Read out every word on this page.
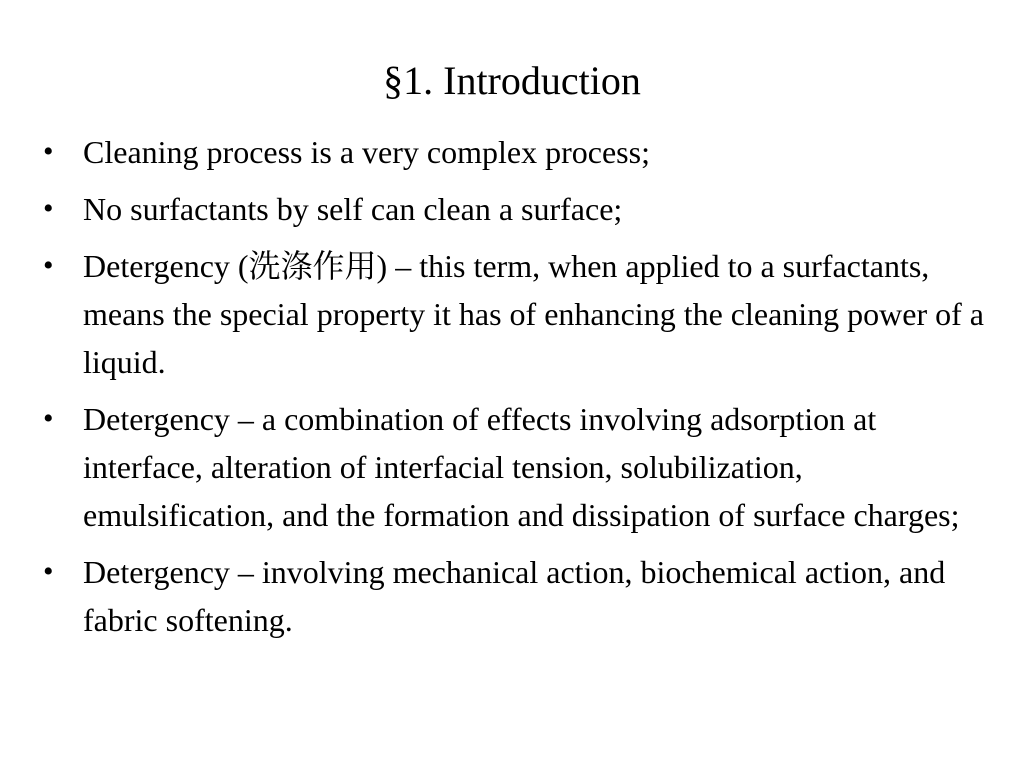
§1. Introduction
• Cleaning process is a very complex process;
• No surfactants by self can clean a surface;
• Detergency (洗涤作用) – this term, when applied to a surfactants, means the special property it has of enhancing the cleaning power of a liquid.
• Detergency – a combination of effects involving adsorption at interface, alteration of interfacial tension, solubilization, emulsification, and the formation and dissipation of surface charges;
• Detergency – involving mechanical action, biochemical action, and fabric softening.
